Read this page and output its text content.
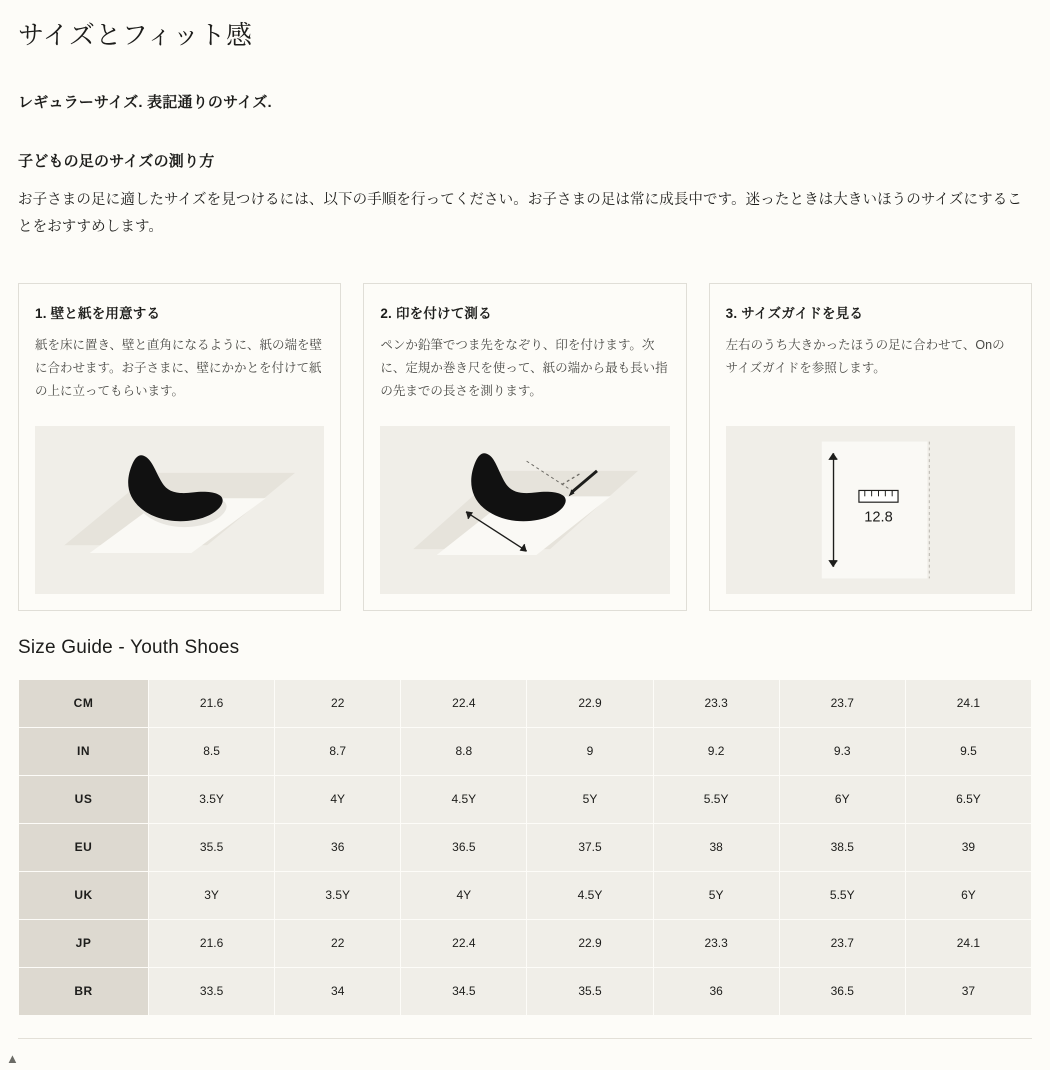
サイズとフィット感

レギュラーサイズ. 表記通りのサイズ.

子どもの足のサイズの測り方

お子さまの足に適したサイズを見つけるには、以下の手順を行ってください。お子さまの足は常に成長中です。迷ったときは大きいほうのサイズにすることをおすすめします。

1. 壁と紙を用意する

紙を床に置き、壁と直角になるように、紙の端を壁に合わせます。お子さまに、壁にかかとを付けて紙の上に立ってもらいます。

2. 印を付けて測る

ペンか鉛筆でつま先をなぞり、印を付けます。次に、定規か巻き尺を使って、紙の端から最も長い指の先までの長さを測ります。

3. サイズガイドを見る

左右のうち大きかったほうの足に合わせて、Onのサイズガイドを参照します。

12.8
Size Guide - Youth Shoes
CM	21.6	22	22.4	22.9	23.3	23.7	24.1
IN	8.5	8.7	8.8	9	9.2	9.3	9.5
US	3.5Y	4Y	4.5Y	5Y	5.5Y	6Y	6.5Y
EU	35.5	36	36.5	37.5	38	38.5	39
UK	3Y	3.5Y	4Y	4.5Y	5Y	5.5Y	6Y
JP	21.6	22	22.4	22.9	23.3	23.7	24.1
BR	33.5	34	34.5	35.5	36	36.5	37
▲
